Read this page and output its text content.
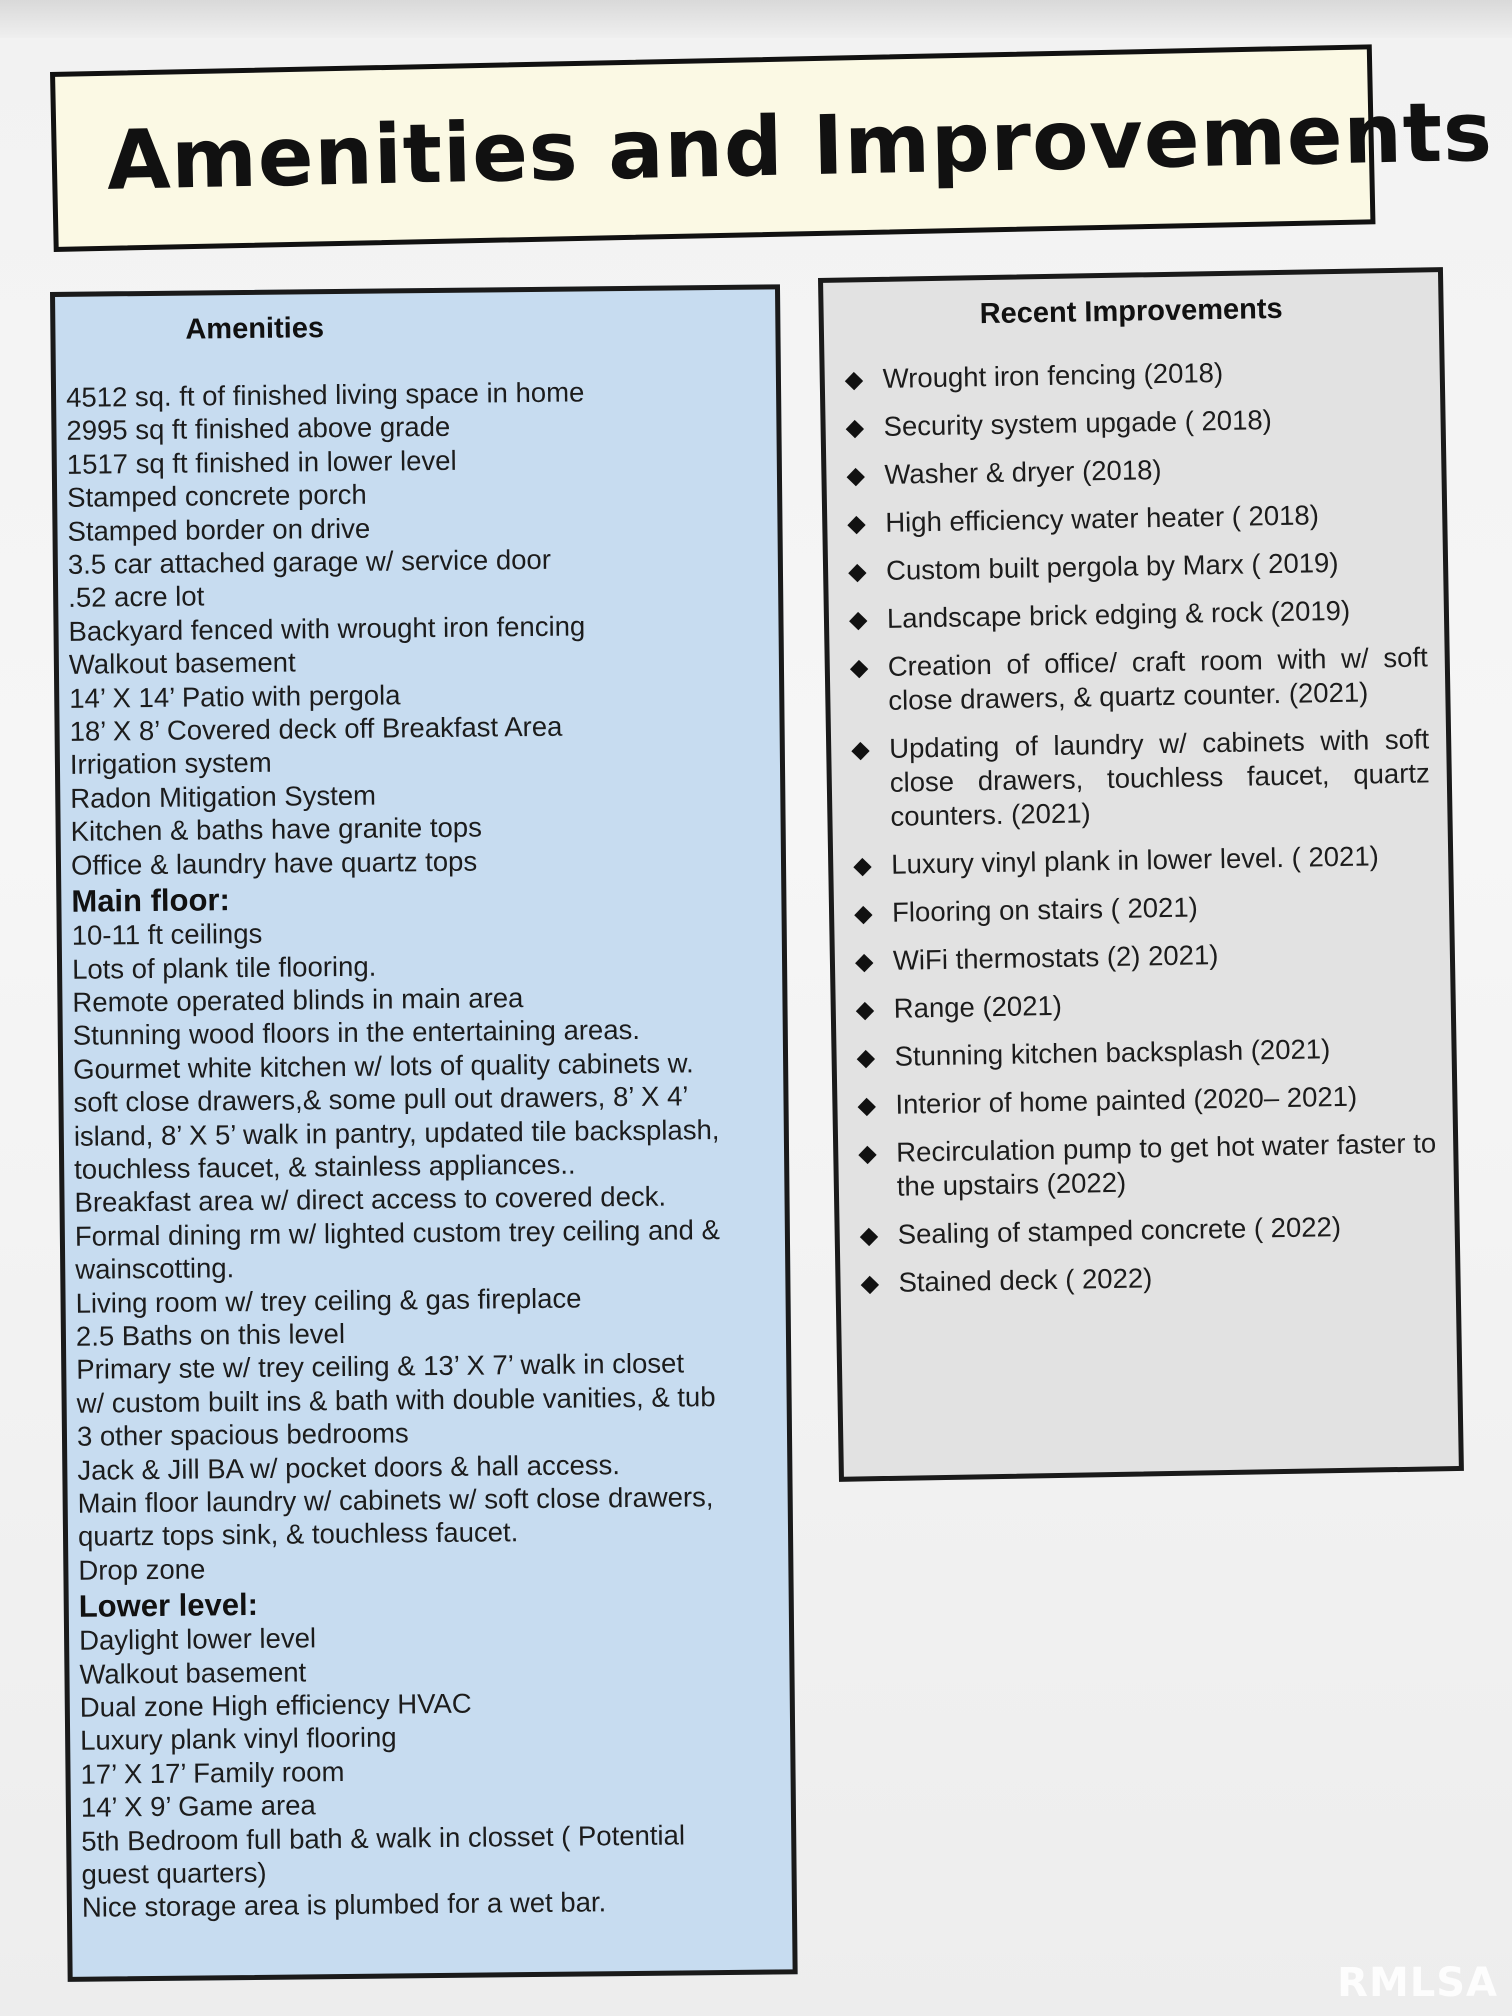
Amenities and Improvements
Amenities
4512 sq. ft of finished living space in home
2995 sq ft finished above grade
1517 sq ft finished in lower level
Stamped concrete porch
Stamped border on drive
3.5 car attached garage w/ service door
.52 acre lot
Backyard fenced with wrought iron fencing
Walkout basement
14’ X 14’ Patio with pergola
18’ X 8’ Covered deck off Breakfast Area
Irrigation system
Radon Mitigation System
Kitchen & baths have granite tops
Office & laundry have quartz tops
Main floor:
10-11 ft ceilings
Lots of plank tile flooring.
Remote operated blinds in main area
Stunning wood floors in the entertaining areas.
Gourmet white kitchen w/ lots of quality cabinets w.
soft close drawers,& some pull out drawers, 8’ X 4’
island, 8’ X 5’ walk in pantry, updated tile backsplash,
touchless faucet, & stainless appliances..
Breakfast area w/ direct access to covered deck.
Formal dining rm w/ lighted custom trey ceiling and &
wainscotting.
Living room w/ trey ceiling & gas fireplace
2.5 Baths on this level
Primary ste w/ trey ceiling & 13’ X 7’ walk in closet
w/ custom built ins & bath with double vanities, & tub
3 other spacious bedrooms
Jack & Jill BA w/ pocket doors & hall access.
Main floor laundry w/ cabinets w/ soft close drawers,
quartz tops sink, & touchless faucet.
Drop zone
Lower level:
Daylight lower level
Walkout basement
Dual zone High efficiency HVAC
Luxury plank vinyl flooring
17’ X 17’ Family room
14’ X 9’ Game area
5th Bedroom full bath & walk in closset ( Potential
guest quarters)
Nice storage area is plumbed for a wet bar.
Recent Improvements
◆ Wrought iron fencing (2018)
◆ Security system upgade ( 2018)
◆ Washer & dryer (2018)
◆ High efficiency water heater ( 2018)
◆ Custom built pergola by Marx ( 2019)
◆ Landscape brick edging & rock (2019)
◆ Creation of office/ craft room with w/ soft close drawers, & quartz counter. (2021)
◆ Updating of laundry w/ cabinets with soft close drawers, touchless faucet, quartz counters. (2021)
◆ Luxury vinyl plank in lower level. ( 2021)
◆ Flooring on stairs ( 2021)
◆ WiFi thermostats (2) 2021)
◆ Range (2021)
◆ Stunning kitchen backsplash (2021)
◆ Interior of home painted (2020– 2021)
◆ Recirculation pump to get hot water faster to the upstairs (2022)
◆ Sealing of stamped concrete ( 2022)
◆ Stained deck ( 2022)
RMLSA
